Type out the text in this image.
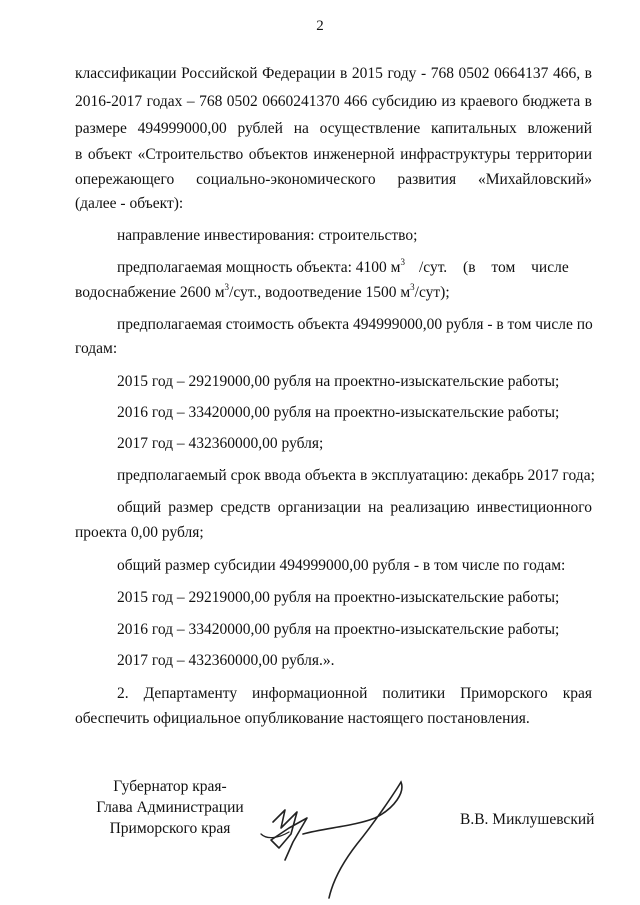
2
классификации Российской Федерации в 2015 году - 768 0502 0664137 466, в
2016-2017 годах – 768 0502 0660241370 466 субсидию из краевого бюджета в
размере 494999000,00 рублей на осуществление капитальных вложений
в объект «Строительство объектов инженерной инфраструктуры территории
опережающего социально-экономического развития «Михайловский»
(далее - объект):
направление инвестирования: строительство;
предполагаемая мощность объекта: 4100 $м^3$ /сут. (в том числе
водоснабжение 2600 $м^3$/сут., водоотведение 1500 $м^3/сут$);
предполагаемая стоимость объекта 494999000,00 рубля - в том числе по
годам:
2015 год – 29219000,00 рубля на проектно-изыскательские работы;
2016 год – 33420000,00 рубля на проектно-изыскательские работы;
2017 год – 432360000,00 рубля;
предполагаемый срок ввода объекта в эксплуатацию: декабрь 2017 года;
общий размер средств организации на реализацию инвестиционного
проекта 0,00 рубля;
общий размер субсидии 494999000,00 рубля - в том числе по годам:
2015 год – 29219000,00 рубля на проектно-изыскательские работы;
2016 год – 33420000,00 рубля на проектно-изыскательские работы;
2017 год – 432360000,00 рубля.».
2. Департаменту информационной политики Приморского края
обеспечить официальное опубликование настоящего постановления.
Губернатор края-
Глава Администрации
Приморского края
В.В. Миклушевский
